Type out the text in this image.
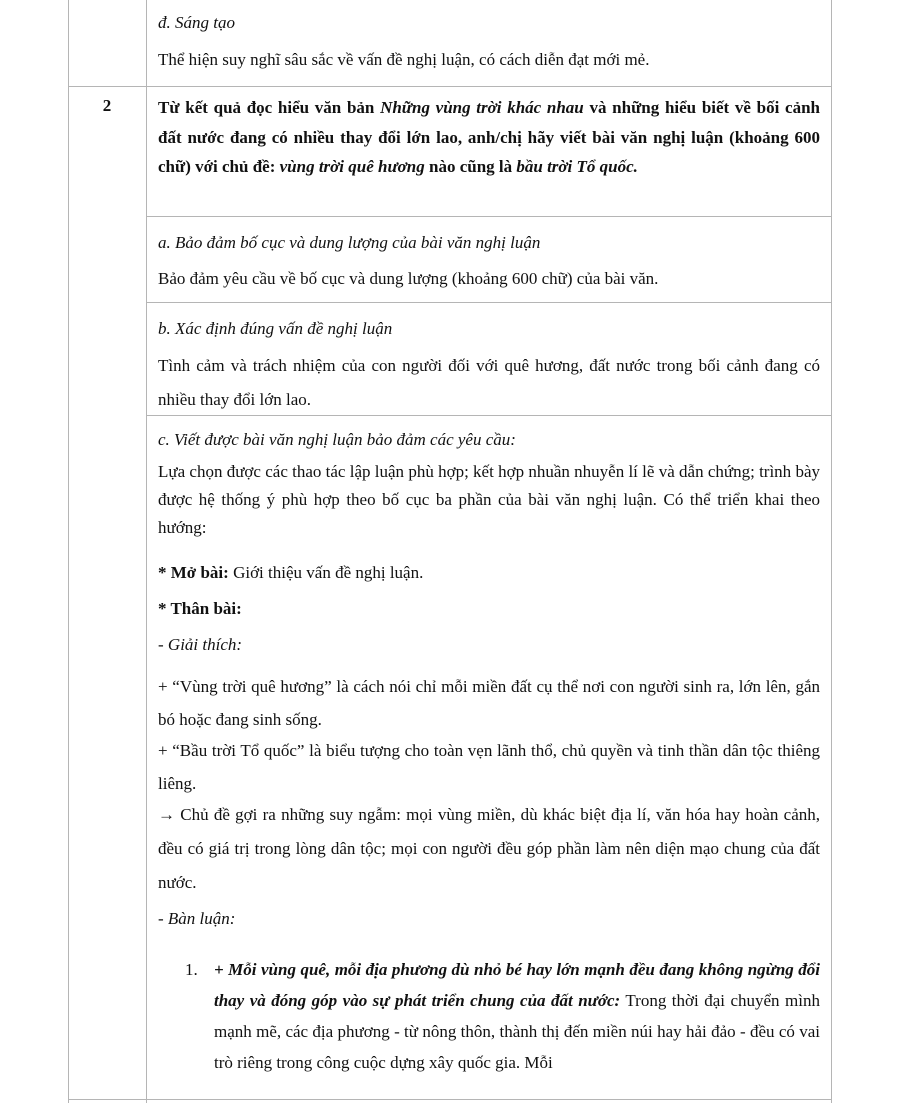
đ. Sáng tạo
Thể hiện suy nghĩ sâu sắc về vấn đề nghị luận, có cách diễn đạt mới mẻ.
2	Từ kết quả đọc hiểu văn bản Những vùng trời khác nhau và những hiểu biết về bối cảnh đất nước đang có nhiều thay đổi lớn lao, anh/chị hãy viết bài văn nghị luận (khoảng 600 chữ) với chủ đề: vùng trời quê hương nào cũng là bầu trời Tổ quốc.
a. Bảo đảm bố cục và dung lượng của bài văn nghị luận
Bảo đảm yêu cầu về bố cục và dung lượng (khoảng 600 chữ) của bài văn.
b. Xác định đúng vấn đề nghị luận
Tình cảm và trách nhiệm của con người đối với quê hương, đất nước trong bối cảnh đang có nhiều thay đổi lớn lao.
c. Viết được bài văn nghị luận bảo đảm các yêu cầu:
Lựa chọn được các thao tác lập luận phù hợp; kết hợp nhuần nhuyễn lí lẽ và dẫn chứng; trình bày được hệ thống ý phù hợp theo bố cục ba phần của bài văn nghị luận. Có thể triển khai theo hướng:
* Mở bài: Giới thiệu vấn đề nghị luận.
* Thân bài:
- Giải thích:
+ “Vùng trời quê hương” là cách nói chỉ mỗi miền đất cụ thể nơi con người sinh ra, lớn lên, gắn bó hoặc đang sinh sống.
+ “Bầu trời Tổ quốc” là biểu tượng cho toàn vẹn lãnh thổ, chủ quyền và tinh thần dân tộc thiêng liêng.
→ Chủ đề gợi ra những suy ngẫm: mọi vùng miền, dù khác biệt địa lí, văn hóa hay hoàn cảnh, đều có giá trị trong lòng dân tộc; mọi con người đều góp phần làm nên diện mạo chung của đất nước.
- Bàn luận:
1. + Mỗi vùng quê, mỗi địa phương dù nhỏ bé hay lớn mạnh đều đang không ngừng đổi thay và đóng góp vào sự phát triển chung của đất nước: Trong thời đại chuyển mình mạnh mẽ, các địa phương - từ nông thôn, thành thị đến miền núi hay hải đảo - đều có vai trò riêng trong công cuộc dựng xây quốc gia. Mỗi
